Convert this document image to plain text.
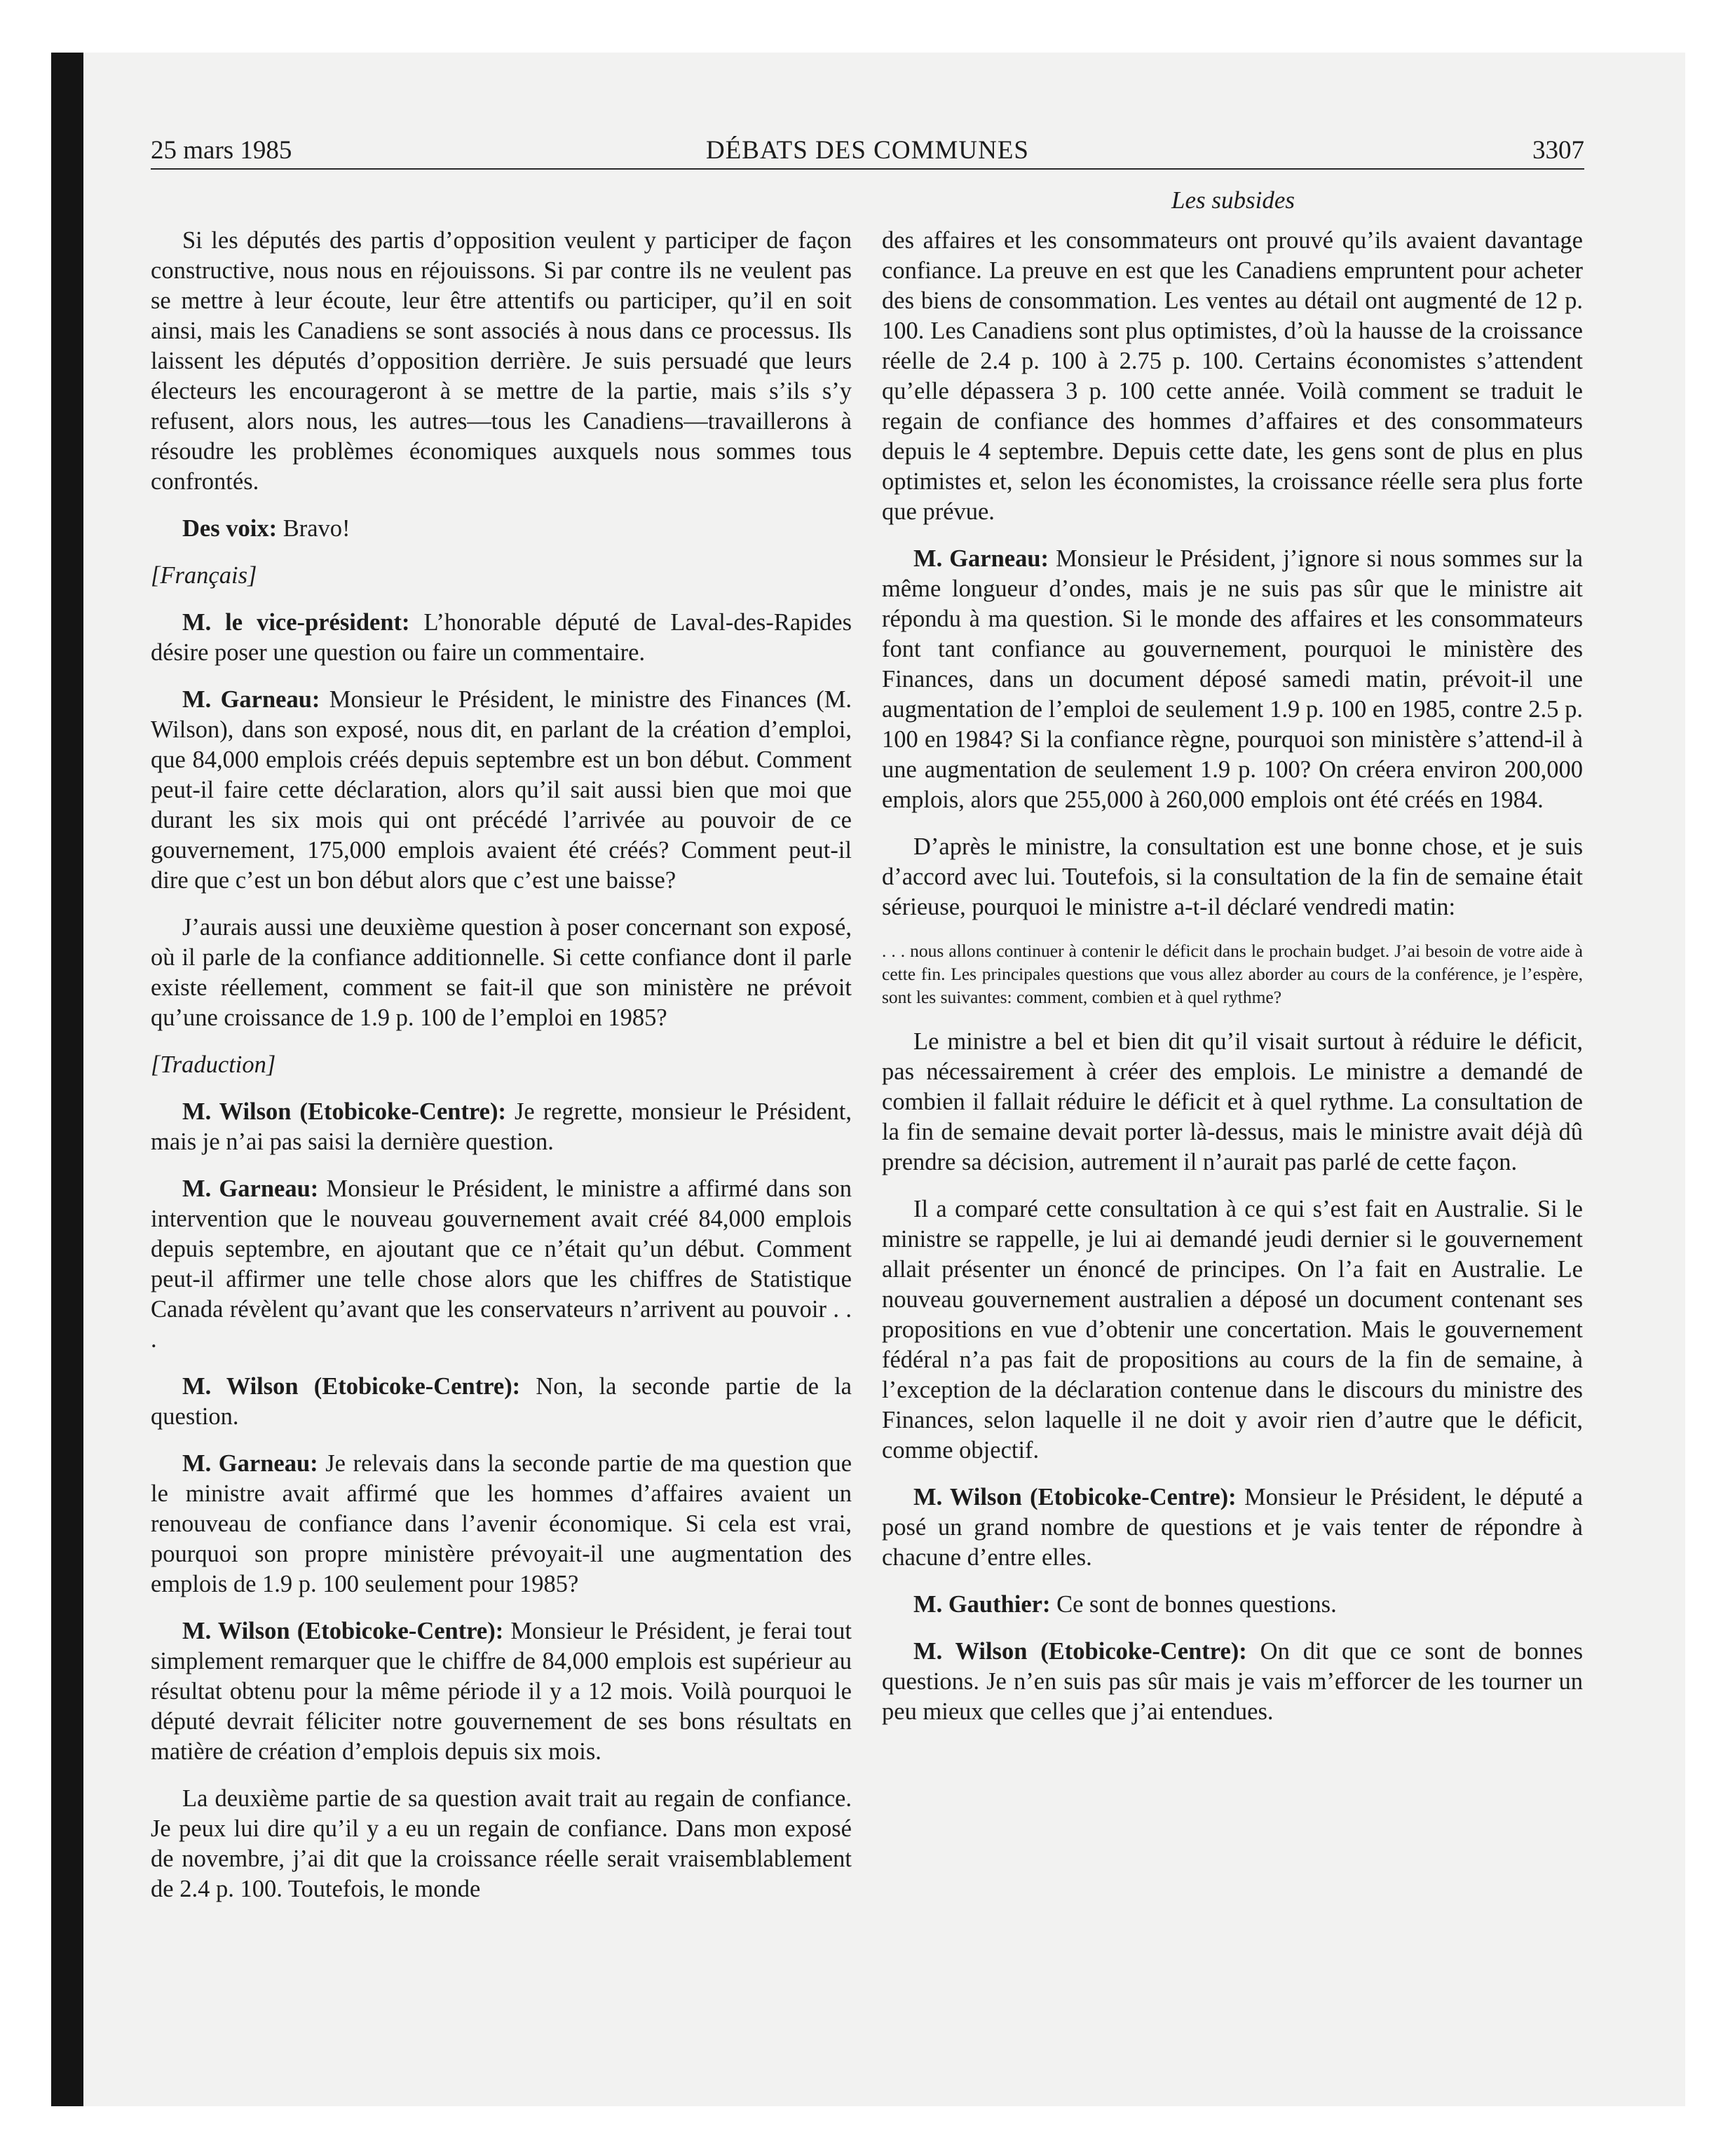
25 mars 1985	DÉBATS DES COMMUNES	3307
Les subsides

Si les députés des partis d’opposition veulent y participer de façon constructive, nous nous en réjouissons. Si par contre ils ne veulent pas se mettre à leur écoute, leur être attentifs ou participer, qu’il en soit ainsi, mais les Canadiens se sont associés à nous dans ce processus. Ils laissent les députés d’opposition derrière. Je suis persuadé que leurs électeurs les encourageront à se mettre de la partie, mais s’ils s’y refusent, alors nous, les autres—tous les Canadiens—travaillerons à résoudre les problèmes économiques auxquels nous sommes tous confrontés.

Des voix: Bravo!

[Français]

M. le vice-président: L’honorable député de Laval-des-Rapides désire poser une question ou faire un commentaire.

M. Garneau: Monsieur le Président, le ministre des Finances (M. Wilson), dans son exposé, nous dit, en parlant de la création d’emploi, que 84,000 emplois créés depuis septembre est un bon début. Comment peut-il faire cette déclaration, alors qu’il sait aussi bien que moi que durant les six mois qui ont précédé l’arrivée au pouvoir de ce gouvernement, 175,000 emplois avaient été créés? Comment peut-il dire que c’est un bon début alors que c’est une baisse?

J’aurais aussi une deuxième question à poser concernant son exposé, où il parle de la confiance additionnelle. Si cette confiance dont il parle existe réellement, comment se fait-il que son ministère ne prévoit qu’une croissance de 1.9 p. 100 de l’emploi en 1985?

[Traduction]

M. Wilson (Etobicoke-Centre): Je regrette, monsieur le Président, mais je n’ai pas saisi la dernière question.

M. Garneau: Monsieur le Président, le ministre a affirmé dans son intervention que le nouveau gouvernement avait créé 84,000 emplois depuis septembre, en ajoutant que ce n’était qu’un début. Comment peut-il affirmer une telle chose alors que les chiffres de Statistique Canada révèlent qu’avant que les conservateurs n’arrivent au pouvoir . . .

M. Wilson (Etobicoke-Centre): Non, la seconde partie de la question.

M. Garneau: Je relevais dans la seconde partie de ma question que le ministre avait affirmé que les hommes d’affaires avaient un renouveau de confiance dans l’avenir économique. Si cela est vrai, pourquoi son propre ministère prévoyait-il une augmentation des emplois de 1.9 p. 100 seulement pour 1985?

M. Wilson (Etobicoke-Centre): Monsieur le Président, je ferai tout simplement remarquer que le chiffre de 84,000 emplois est supérieur au résultat obtenu pour la même période il y a 12 mois. Voilà pourquoi le député devrait féliciter notre gouvernement de ses bons résultats en matière de création d’emplois depuis six mois.

La deuxième partie de sa question avait trait au regain de confiance. Je peux lui dire qu’il y a eu un regain de confiance. Dans mon exposé de novembre, j’ai dit que la croissance réelle serait vraisemblablement de 2.4 p. 100. Toutefois, le monde

des affaires et les consommateurs ont prouvé qu’ils avaient davantage confiance. La preuve en est que les Canadiens empruntent pour acheter des biens de consommation. Les ventes au détail ont augmenté de 12 p. 100. Les Canadiens sont plus optimistes, d’où la hausse de la croissance réelle de 2.4 p. 100 à 2.75 p. 100. Certains économistes s’attendent qu’elle dépassera 3 p. 100 cette année. Voilà comment se traduit le regain de confiance des hommes d’affaires et des consommateurs depuis le 4 septembre. Depuis cette date, les gens sont de plus en plus optimistes et, selon les économistes, la croissance réelle sera plus forte que prévue.

M. Garneau: Monsieur le Président, j’ignore si nous sommes sur la même longueur d’ondes, mais je ne suis pas sûr que le ministre ait répondu à ma question. Si le monde des affaires et les consommateurs font tant confiance au gouvernement, pourquoi le ministère des Finances, dans un document déposé samedi matin, prévoit-il une augmentation de l’emploi de seulement 1.9 p. 100 en 1985, contre 2.5 p. 100 en 1984? Si la confiance règne, pourquoi son ministère s’attend-il à une augmentation de seulement 1.9 p. 100? On créera environ 200,000 emplois, alors que 255,000 à 260,000 emplois ont été créés en 1984.

D’après le ministre, la consultation est une bonne chose, et je suis d’accord avec lui. Toutefois, si la consultation de la fin de semaine était sérieuse, pourquoi le ministre a-t-il déclaré vendredi matin:

. . . nous allons continuer à contenir le déficit dans le prochain budget. J’ai besoin de votre aide à cette fin. Les principales questions que vous allez aborder au cours de la conférence, je l’espère, sont les suivantes: comment, combien et à quel rythme?

Le ministre a bel et bien dit qu’il visait surtout à réduire le déficit, pas nécessairement à créer des emplois. Le ministre a demandé de combien il fallait réduire le déficit et à quel rythme. La consultation de la fin de semaine devait porter là-dessus, mais le ministre avait déjà dû prendre sa décision, autrement il n’aurait pas parlé de cette façon.

Il a comparé cette consultation à ce qui s’est fait en Australie. Si le ministre se rappelle, je lui ai demandé jeudi dernier si le gouvernement allait présenter un énoncé de principes. On l’a fait en Australie. Le nouveau gouvernement australien a déposé un document contenant ses propositions en vue d’obtenir une concertation. Mais le gouvernement fédéral n’a pas fait de propositions au cours de la fin de semaine, à l’exception de la déclaration contenue dans le discours du ministre des Finances, selon laquelle il ne doit y avoir rien d’autre que le déficit, comme objectif.

M. Wilson (Etobicoke-Centre): Monsieur le Président, le député a posé un grand nombre de questions et je vais tenter de répondre à chacune d’entre elles.

M. Gauthier: Ce sont de bonnes questions.

M. Wilson (Etobicoke-Centre): On dit que ce sont de bonnes questions. Je n’en suis pas sûr mais je vais m’efforcer de les tourner un peu mieux que celles que j’ai entendues.
